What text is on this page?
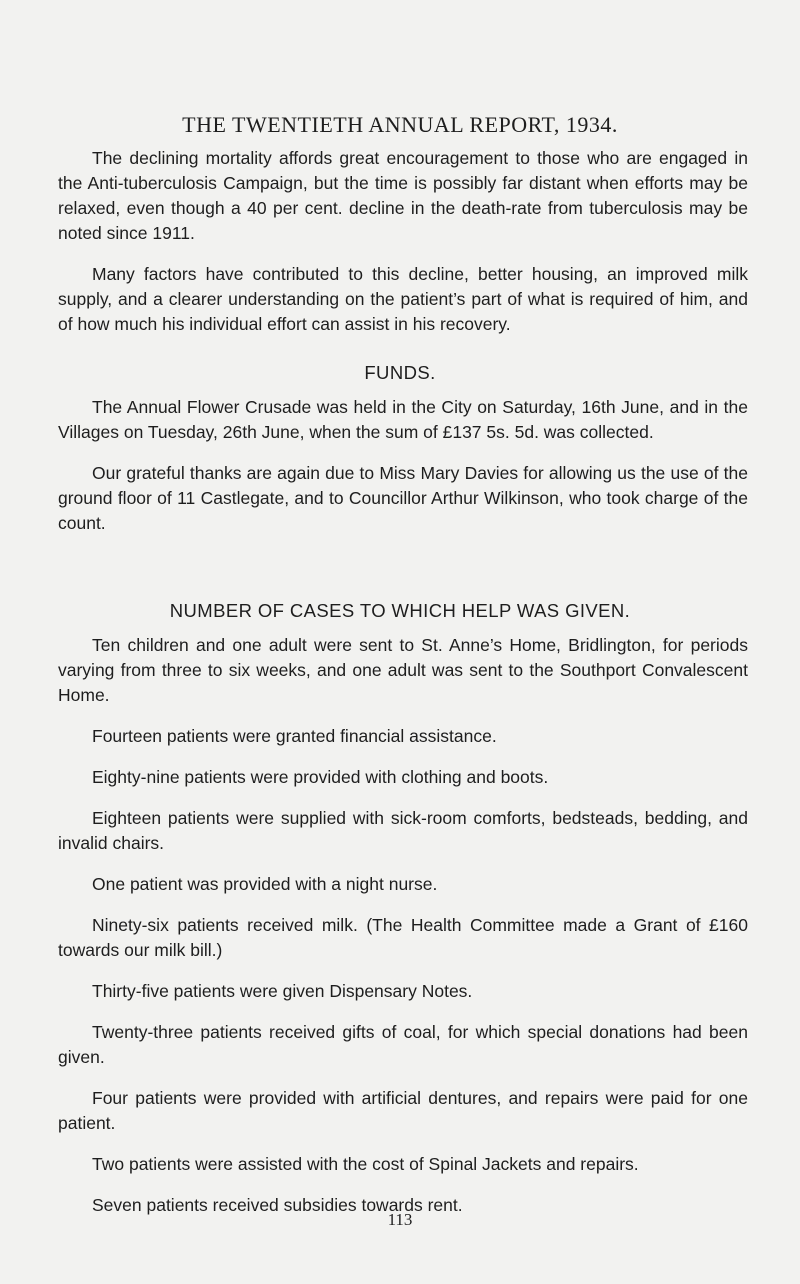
THE TWENTIETH ANNUAL REPORT, 1934.

The declining mortality affords great encouragement to those who are engaged in the Anti-tuberculosis Campaign, but the time is possibly far distant when efforts may be relaxed, even though a 40 per cent. decline in the death-rate from tuberculosis may be noted since 1911.

Many factors have contributed to this decline, better housing, an improved milk supply, and a clearer understanding on the patient’s part of what is required of him, and of how much his individual effort can assist in his recovery.

FUNDS.

The Annual Flower Crusade was held in the City on Saturday, 16th June, and in the Villages on Tuesday, 26th June, when the sum of £137 5s. 5d. was collected.

Our grateful thanks are again due to Miss Mary Davies for allowing us the use of the ground floor of 11 Castlegate, and to Councillor Arthur Wilkinson, who took charge of the count.

NUMBER OF CASES TO WHICH HELP WAS GIVEN.

Ten children and one adult were sent to St. Anne’s Home, Bridlington, for periods varying from three to six weeks, and one adult was sent to the Southport Convalescent Home.

Fourteen patients were granted financial assistance.

Eighty-nine patients were provided with clothing and boots.

Eighteen patients were supplied with sick-room comforts, bedsteads, bedding, and invalid chairs.

One patient was provided with a night nurse.

Ninety-six patients received milk. (The Health Committee made a Grant of £160 towards our milk bill.)

Thirty-five patients were given Dispensary Notes.

Twenty-three patients received gifts of coal, for which special donations had been given.

Four patients were provided with artificial dentures, and repairs were paid for one patient.

Two patients were assisted with the cost of Spinal Jackets and repairs.

Seven patients received subsidies towards rent.

113
